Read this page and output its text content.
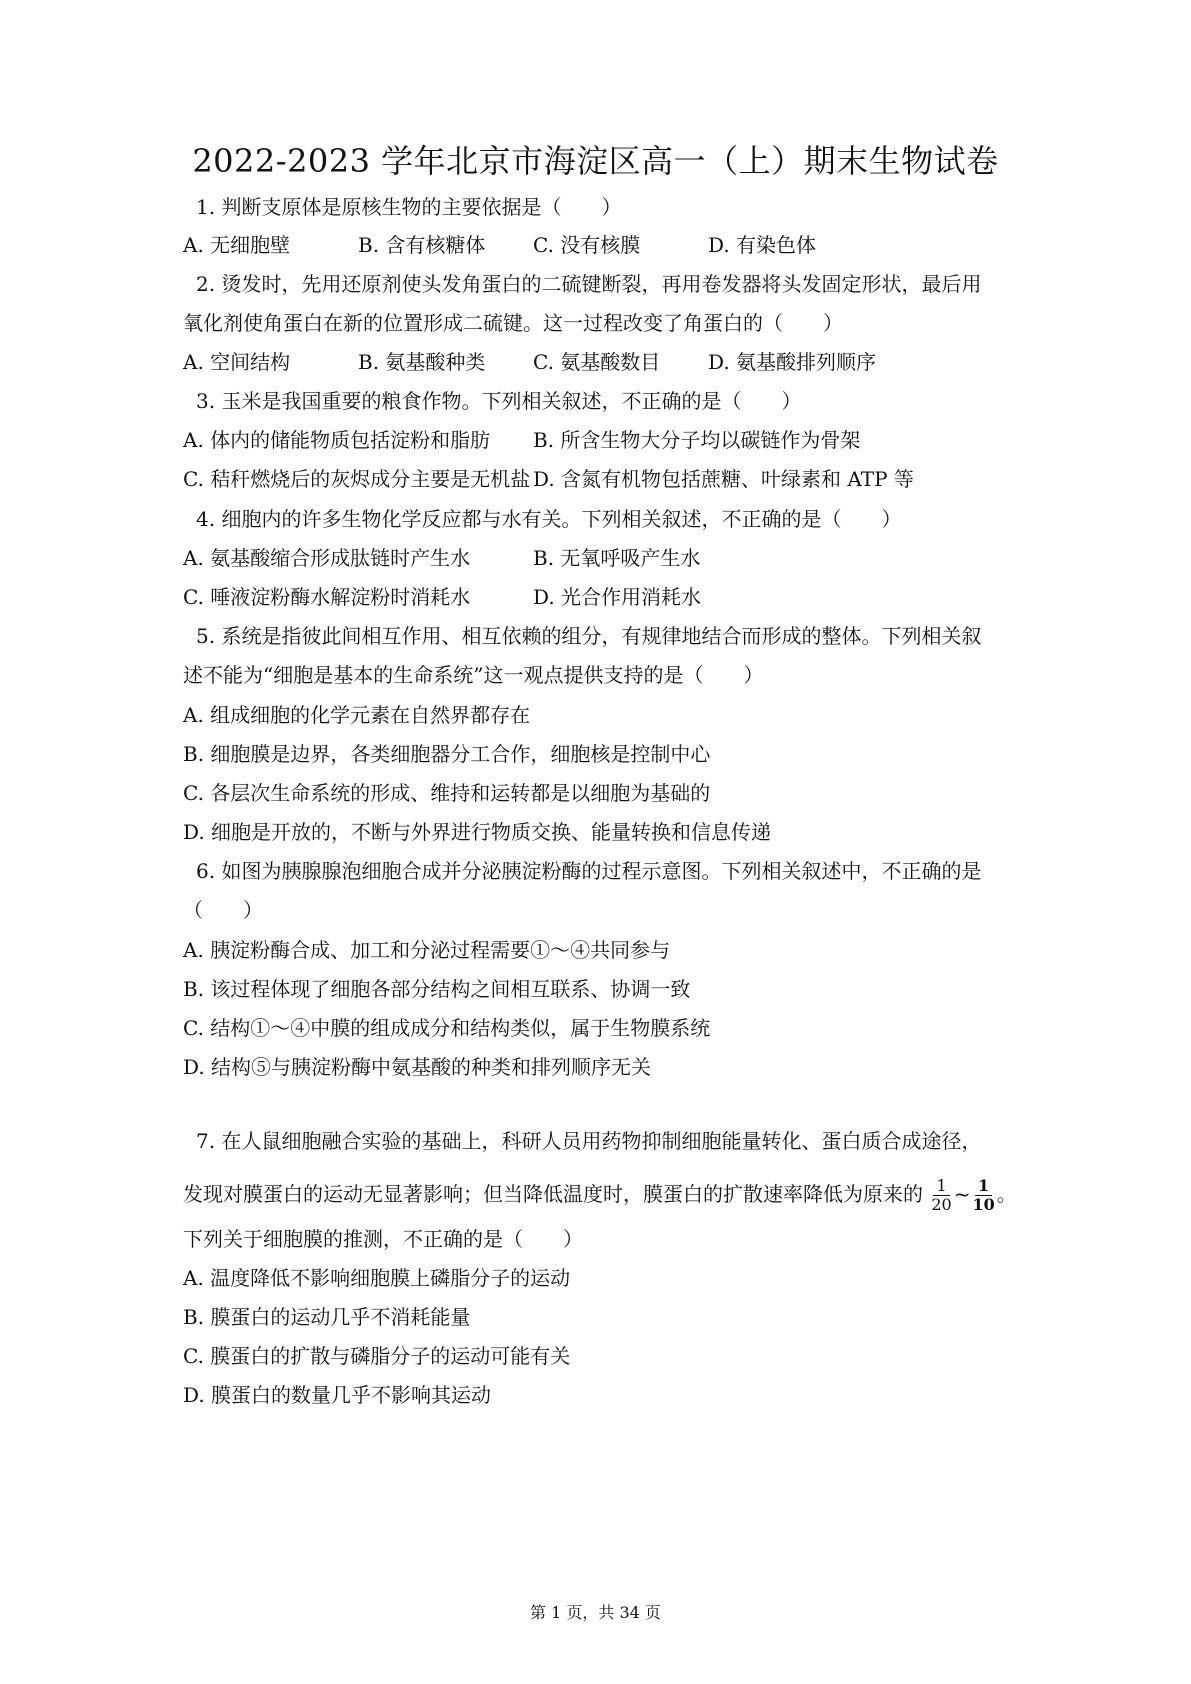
2022-2023 学年北京市海淀区高一（上）期末生物试卷
1. 判断支原体是原核生物的主要依据是（　　）
A. 无细胞壁	B. 含有核糖体 C. 没有核膜	D. 有染色体
2. 烫发时，先用还原剂使头发角蛋白的二硫键断裂，再用卷发器将头发固定形状，最后用
氧化剂使角蛋白在新的位置形成二硫键。这一过程改变了角蛋白的（　　）
A. 空间结构	B. 氨基酸种类 C. 氨基酸数目 D. 氨基酸排列顺序
3. 玉米是我国重要的粮食作物。下列相关叙述，不正确的是（　　）
A. 体内的储能物质包括淀粉和脂肪 B. 所含生物大分子均以碳链作为骨架
C. 秸秆燃烧后的灰烬成分主要是无机盐 D. 含氮有机物包括蔗糖、叶绿素和 ATP 等
4. 细胞内的许多生物化学反应都与水有关。下列相关叙述，不正确的是（　　）
A. 氨基酸缩合形成肽链时产生水	B. 无氧呼吸产生水
C. 唾液淀粉酶水解淀粉时消耗水	D. 光合作用消耗水
5. 系统是指彼此间相互作用、相互依赖的组分，有规律地结合而形成的整体。下列相关叙
述不能为“细胞是基本的生命系统”这一观点提供支持的是（　　）
A. 组成细胞的化学元素在自然界都存在
B. 细胞膜是边界，各类细胞器分工合作，细胞核是控制中心
C. 各层次生命系统的形成、维持和运转都是以细胞为基础的
D. 细胞是开放的，不断与外界进行物质交换、能量转换和信息传递
6. 如图为胰腺腺泡细胞合成并分泌胰淀粉酶的过程示意图。下列相关叙述中，不正确的是
（　　）
A. 胰淀粉酶合成、加工和分泌过程需要①～④共同参与
B. 该过程体现了细胞各部分结构之间相互联系、协调一致
C. 结构①～④中膜的组成成分和结构类似，属于生物膜系统
D. 结构⑤与胰淀粉酶中氨基酸的种类和排列顺序无关
7. 在人鼠细胞融合实验的基础上，科研人员用药物抑制细胞能量转化、蛋白质合成途径，
发现对膜蛋白的运动无显著影响；但当降低温度时，膜蛋白的扩散速率降低为原来的 $\frac{1}{20}$ ~ $\frac{1}{10}$ 。
下列关于细胞膜的推测，不正确的是（　　）
A. 温度降低不影响细胞膜上磷脂分子的运动
B. 膜蛋白的运动几乎不消耗能量
C. 膜蛋白的扩散与磷脂分子的运动可能有关
D. 膜蛋白的数量几乎不影响其运动
第 1 页，共 34 页
